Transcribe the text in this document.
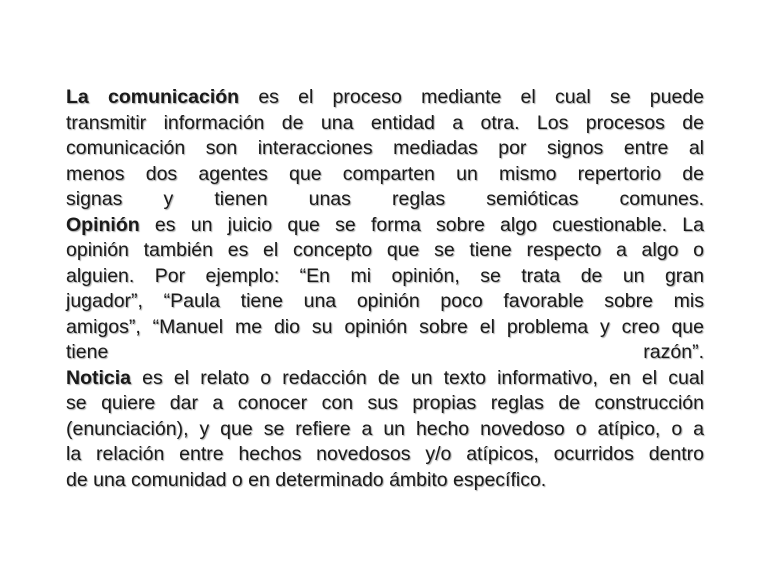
La comunicación es el proceso mediante el cual se puede
transmitir información de una entidad a otra. Los procesos de
comunicación son interacciones mediadas por signos entre al
menos dos agentes que comparten un mismo repertorio de
signas y tienen unas reglas semióticas comunes.
Opinión es un juicio que se forma sobre algo cuestionable. La
opinión también es el concepto que se tiene respecto a algo o
alguien. Por ejemplo: “En mi opinión, se trata de un gran
jugador”, “Paula tiene una opinión poco favorable sobre mis
amigos”, “Manuel me dio su opinión sobre el problema y creo que
tiene razón”.
Noticia es el relato o redacción de un texto informativo, en el cual
se quiere dar a conocer con sus propias reglas de construcción
(enunciación), y que se refiere a un hecho novedoso o atípico, o a
la relación entre hechos novedosos y/o atípicos, ocurridos dentro
de una comunidad o en determinado ámbito específico.
